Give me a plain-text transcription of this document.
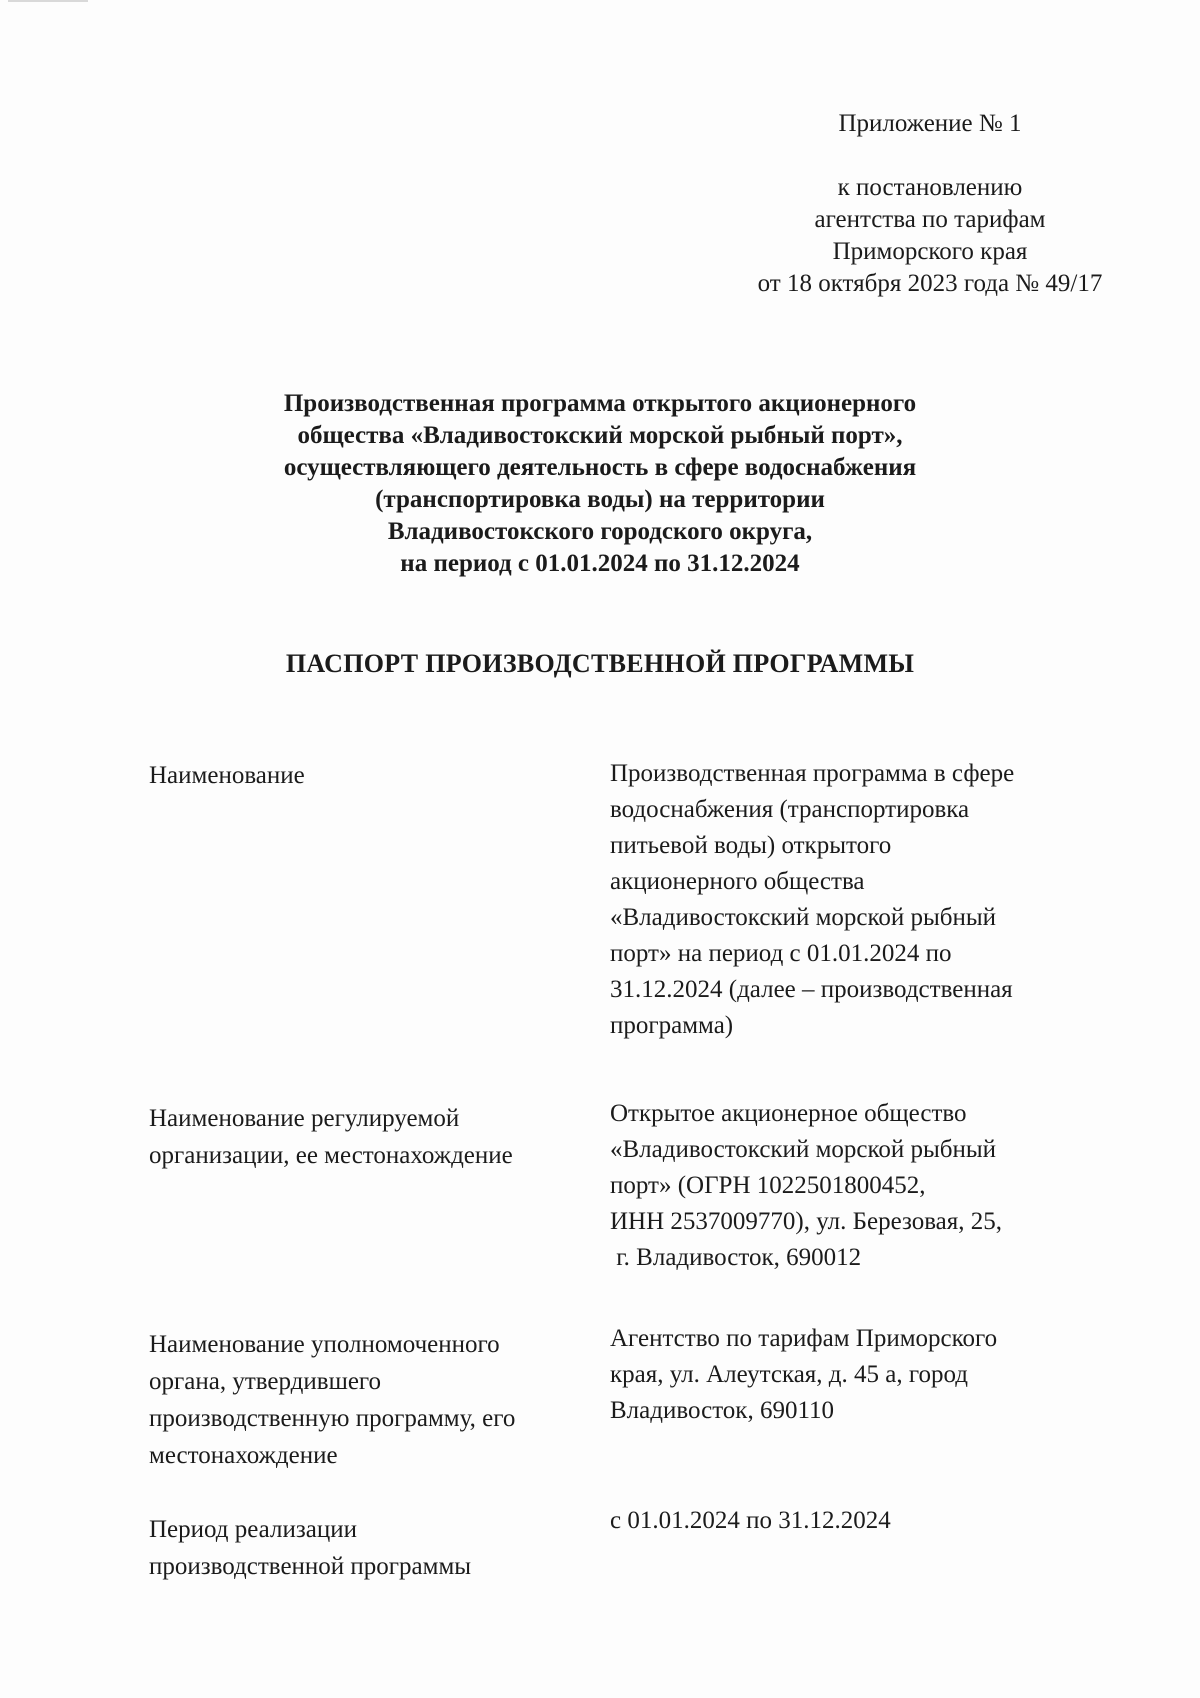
Приложение № 1
к постановлению
агентства по тарифам
Приморского края
от 18 октября 2023 года № 49/17
Производственная программа открытого акционерного
общества «Владивостокский морской рыбный порт»,
осуществляющего деятельность в сфере водоснабжения
(транспортировка воды) на территории
Владивостокского городского округа,
на период с 01.01.2024 по 31.12.2024
ПАСПОРТ ПРОИЗВОДСТВЕННОЙ ПРОГРАММЫ
Наименование	Производственная программа в сфере
водоснабжения (транспортировка
питьевой воды) открытого
акционерного общества
«Владивостокский морской рыбный
порт» на период с 01.01.2024 по
31.12.2024 (далее – производственная
программа)
Наименование регулируемой
организации, ее местонахождение
Открытое акционерное общество
«Владивостокский морской рыбный
порт» (ОГРН 1022501800452,
ИНН 2537009770), ул. Березовая, 25,
г. Владивосток, 690012
Наименование уполномоченного
органа, утвердившего
производственную программу, его
местонахождение
Агентство по тарифам Приморского
края, ул. Алеутская, д. 45 а, город
Владивосток, 690110
Период реализации
производственной программы
с 01.01.2024 по 31.12.2024
